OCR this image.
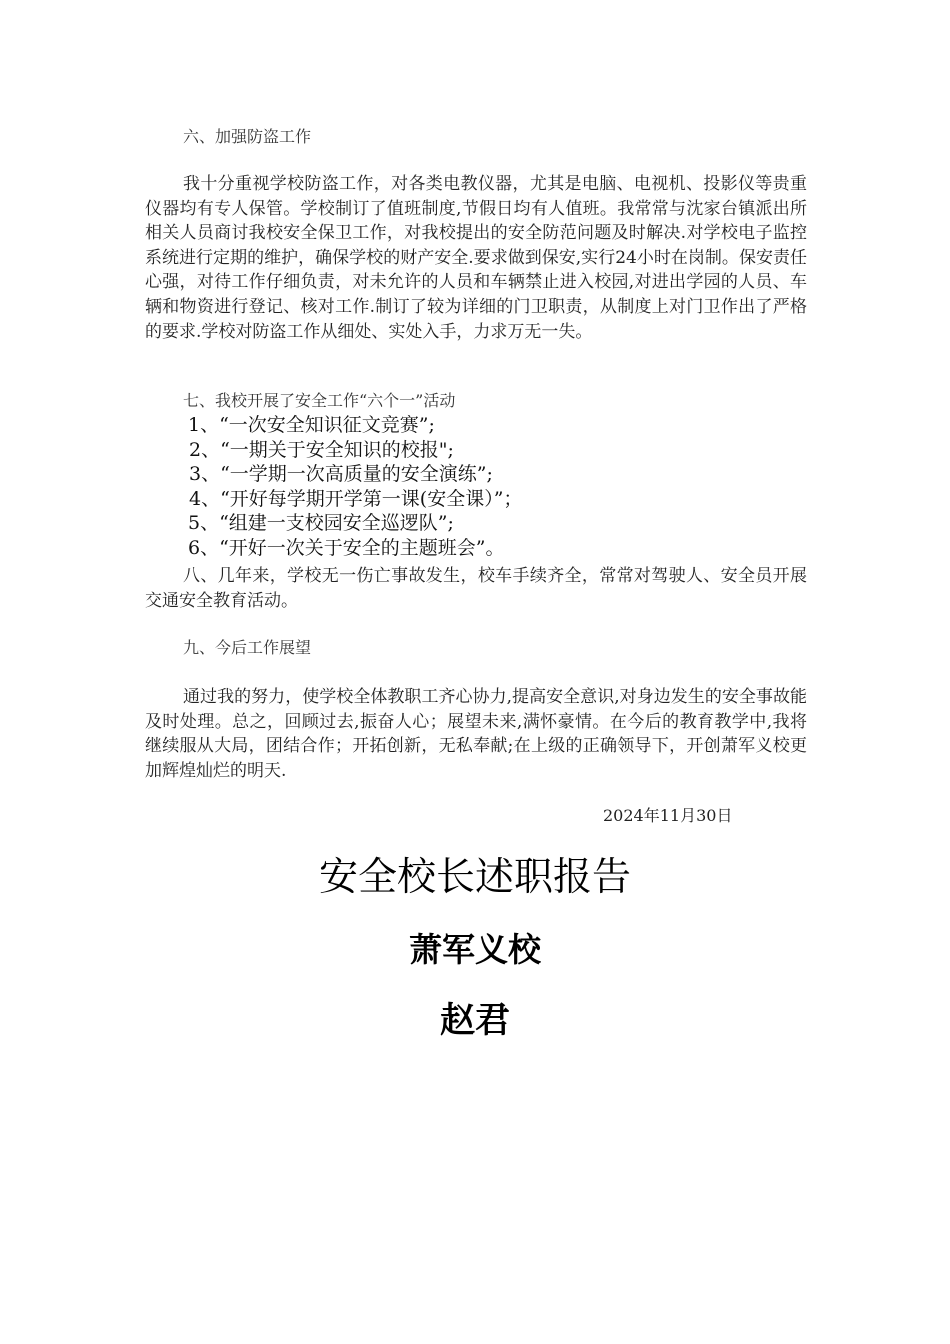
六、加强防盗工作

我十分重视学校防盗工作，对各类电教仪器，尤其是电脑、电视机、投影仪等贵重仪器均有专人保管。学校制订了值班制度,节假日均有人值班。我常常与沈家台镇派出所相关人员商讨我校安全保卫工作，对我校提出的安全防范问题及时解决.对学校电子监控系统进行定期的维护，确保学校的财产安全.要求做到保安,实行24小时在岗制。保安责任心强，对待工作仔细负责，对未允许的人员和车辆禁止进入校园,对进出学园的人员、车辆和物资进行登记、核对工作.制订了较为详细的门卫职责，从制度上对门卫作出了严格的要求.学校对防盗工作从细处、实处入手，力求万无一失。

七、我校开展了安全工作“六个一”活动
1、“一次安全知识征文竞赛”;
2、“一期关于安全知识的校报";
3、“一学期一次高质量的安全演练”;
4、“开好每学期开学第一课(安全课）”；
5、“组建一支校园安全巡逻队”;
6、“开好一次关于安全的主题班会”。

八、几年来，学校无一伤亡事故发生，校车手续齐全，常常对驾驶人、安全员开展交通安全教育活动。

九、今后工作展望

通过我的努力，使学校全体教职工齐心协力,提高安全意识,对身边发生的安全事故能及时处理。总之，回顾过去,振奋人心；展望未来,满怀豪情。在今后的教育教学中,我将继续服从大局，团结合作；开拓创新，无私奉献;在上级的正确领导下，开创萧军义校更加辉煌灿烂的明天.

2024年11月30日
安全校长述职报告
萧军义校
赵君
